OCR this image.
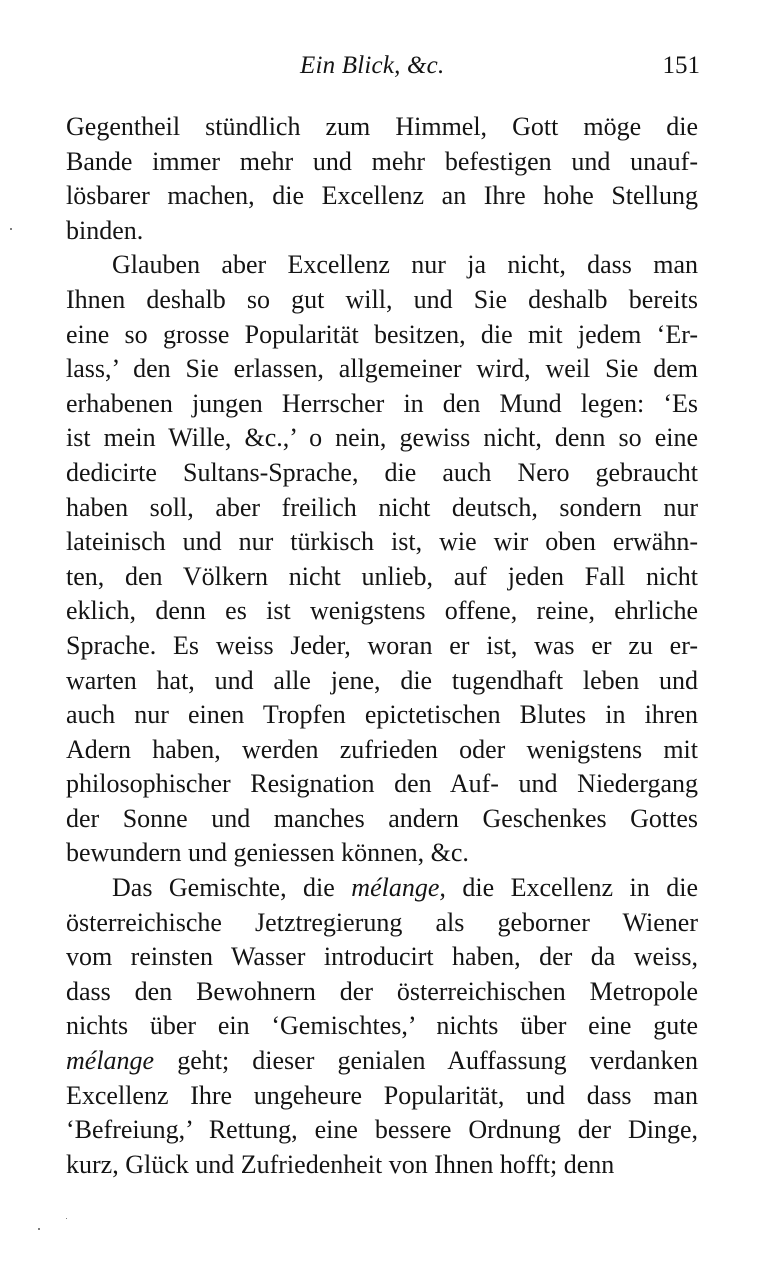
Ein Blick, &c.	151
Gegentheil stündlich zum Himmel, Gott möge die
Bande immer mehr und mehr befestigen und unauf-
lösbarer machen, die Excellenz an Ihre hohe Stellung
binden.
Glauben aber Excellenz nur ja nicht, dass man
Ihnen deshalb so gut will, und Sie deshalb bereits
eine so grosse Popularität besitzen, die mit jedem ‘Er-
lass,’ den Sie erlassen, allgemeiner wird, weil Sie dem
erhabenen jungen Herrscher in den Mund legen: ‘Es
ist mein Wille, &c.,’ o nein, gewiss nicht, denn so eine
dedicirte Sultans-Sprache, die auch Nero gebraucht
haben soll, aber freilich nicht deutsch, sondern nur
lateinisch und nur türkisch ist, wie wir oben erwähn-
ten, den Völkern nicht unlieb, auf jeden Fall nicht
eklich, denn es ist wenigstens offene, reine, ehrliche
Sprache. Es weiss Jeder, woran er ist, was er zu er-
warten hat, und alle jene, die tugendhaft leben und
auch nur einen Tropfen epictetischen Blutes in ihren
Adern haben, werden zufrieden oder wenigstens mit
philosophischer Resignation den Auf- und Niedergang
der Sonne und manches andern Geschenkes Gottes
bewundern und geniessen können, &c.
Das Gemischte, die mélange, die Excellenz in die
österreichische Jetztregierung als geborner Wiener
vom reinsten Wasser introducirt haben, der da weiss,
dass den Bewohnern der österreichischen Metropole
nichts über ein ‘Gemischtes,’ nichts über eine gute
mélange geht; dieser genialen Auffassung verdanken
Excellenz Ihre ungeheure Popularität, und dass man
‘Befreiung,’ Rettung, eine bessere Ordnung der Dinge,
kurz, Glück und Zufriedenheit von Ihnen hofft; denn
